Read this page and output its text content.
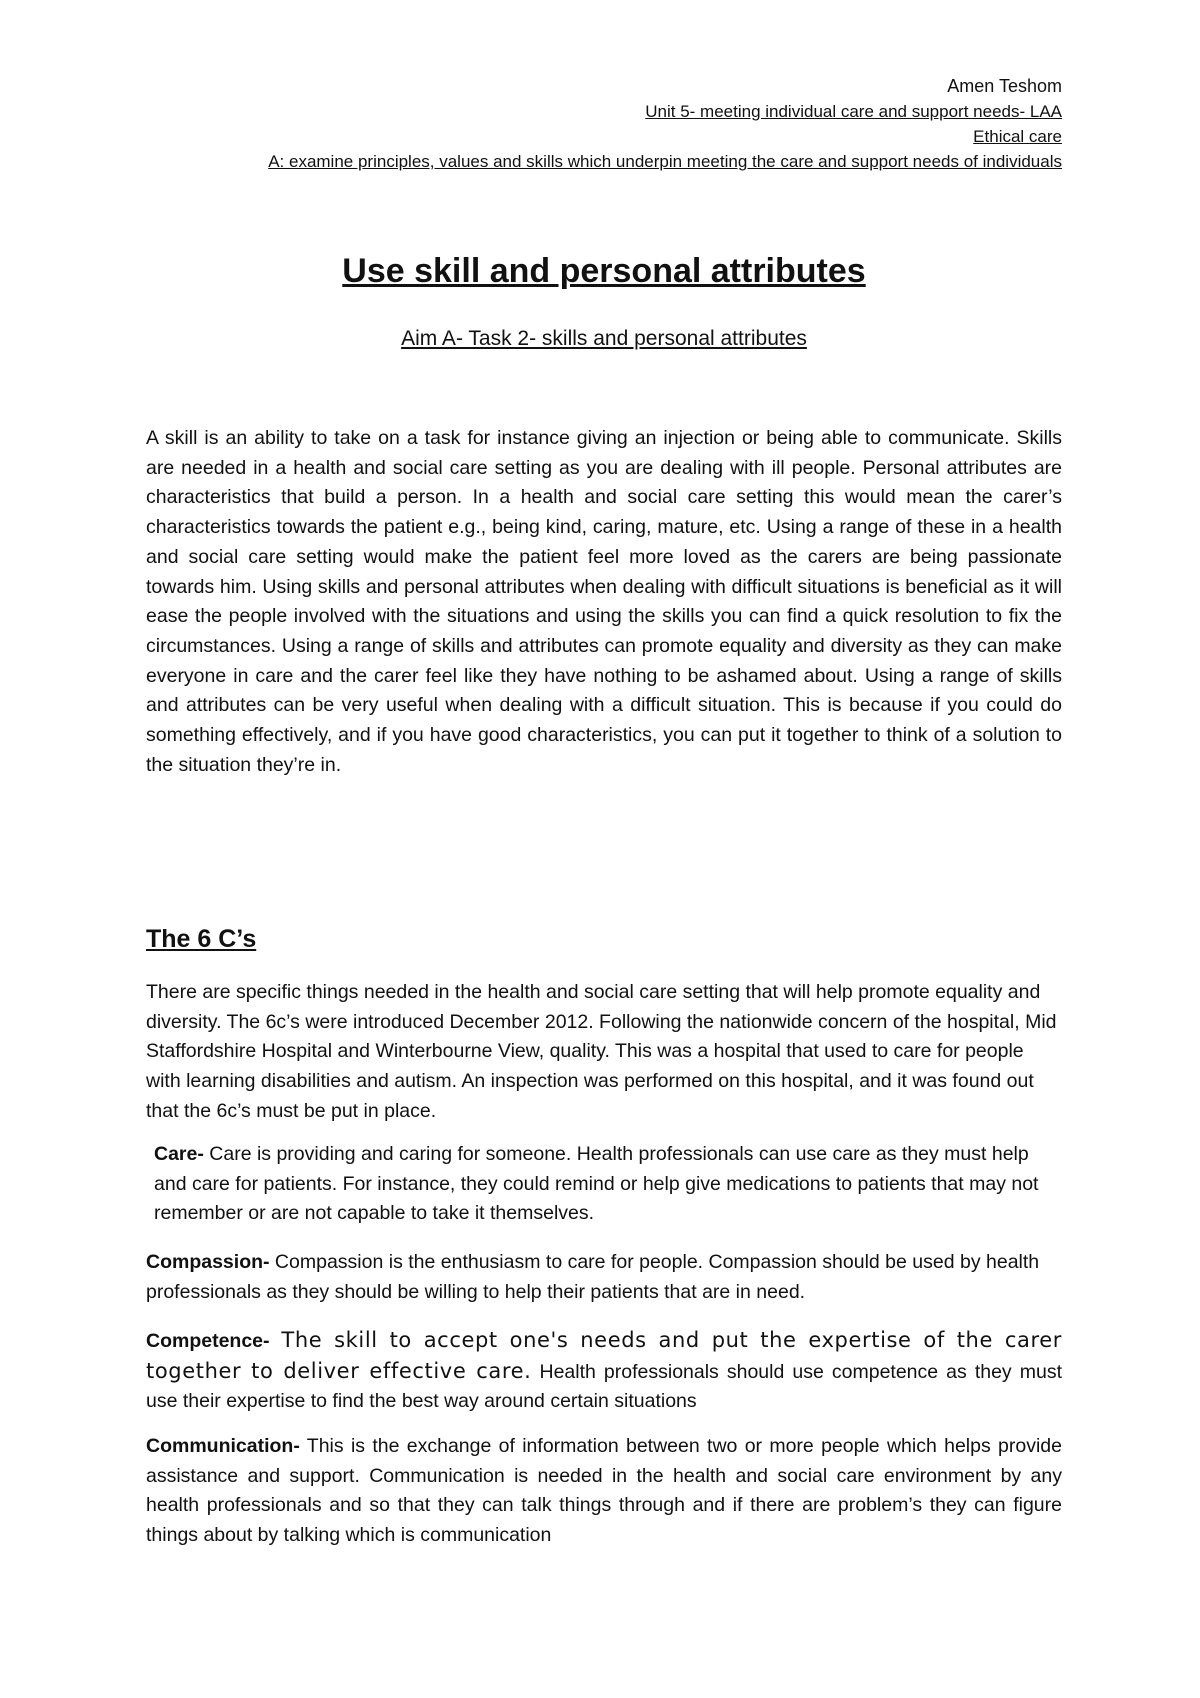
Amen Teshom
Unit 5- meeting individual care and support needs- LAA
Ethical care
A: examine principles, values and skills which underpin meeting the care and support needs of individuals
Use skill and personal attributes
Aim A- Task 2- skills and personal attributes

A skill is an ability to take on a task for instance giving an injection or being able to communicate. Skills are needed in a health and social care setting as you are dealing with ill people. Personal attributes are characteristics that build a person. In a health and social care setting this would mean the carer’s characteristics towards the patient e.g., being kind, caring, mature, etc. Using a range of these in a health and social care setting would make the patient feel more loved as the carers are being passionate towards him. Using skills and personal attributes when dealing with difficult situations is beneficial as it will ease the people involved with the situations and using the skills you can find a quick resolution to fix the circumstances. Using a range of skills and attributes can promote equality and diversity as they can make everyone in care and the carer feel like they have nothing to be ashamed about. Using a range of skills and attributes can be very useful when dealing with a difficult situation. This is because if you could do something effectively, and if you have good characteristics, you can put it together to think of a solution to the situation they’re in.

The 6 C’s

There are specific things needed in the health and social care setting that will help promote equality and diversity. The 6c’s were introduced December 2012. Following the nationwide concern of the hospital, Mid Staffordshire Hospital and Winterbourne View, quality. This was a hospital that used to care for people with learning disabilities and autism. An inspection was performed on this hospital, and it was found out that the 6c’s must be put in place.

Care- Care is providing and caring for someone. Health professionals can use care as they must help and care for patients. For instance, they could remind or help give medications to patients that may not remember or are not capable to take it themselves.

Compassion- Compassion is the enthusiasm to care for people. Compassion should be used by health professionals as they should be willing to help their patients that are in need.

Competence- The skill to accept one's needs and put the expertise of the carer together to deliver effective care. Health professionals should use competence as they must use their expertise to find the best way around certain situations

Communication- This is the exchange of information between two or more people which helps provide assistance and support. Communication is needed in the health and social care environment by any health professionals and so that they can talk things through and if there are problem’s they can figure things about by talking which is communication
